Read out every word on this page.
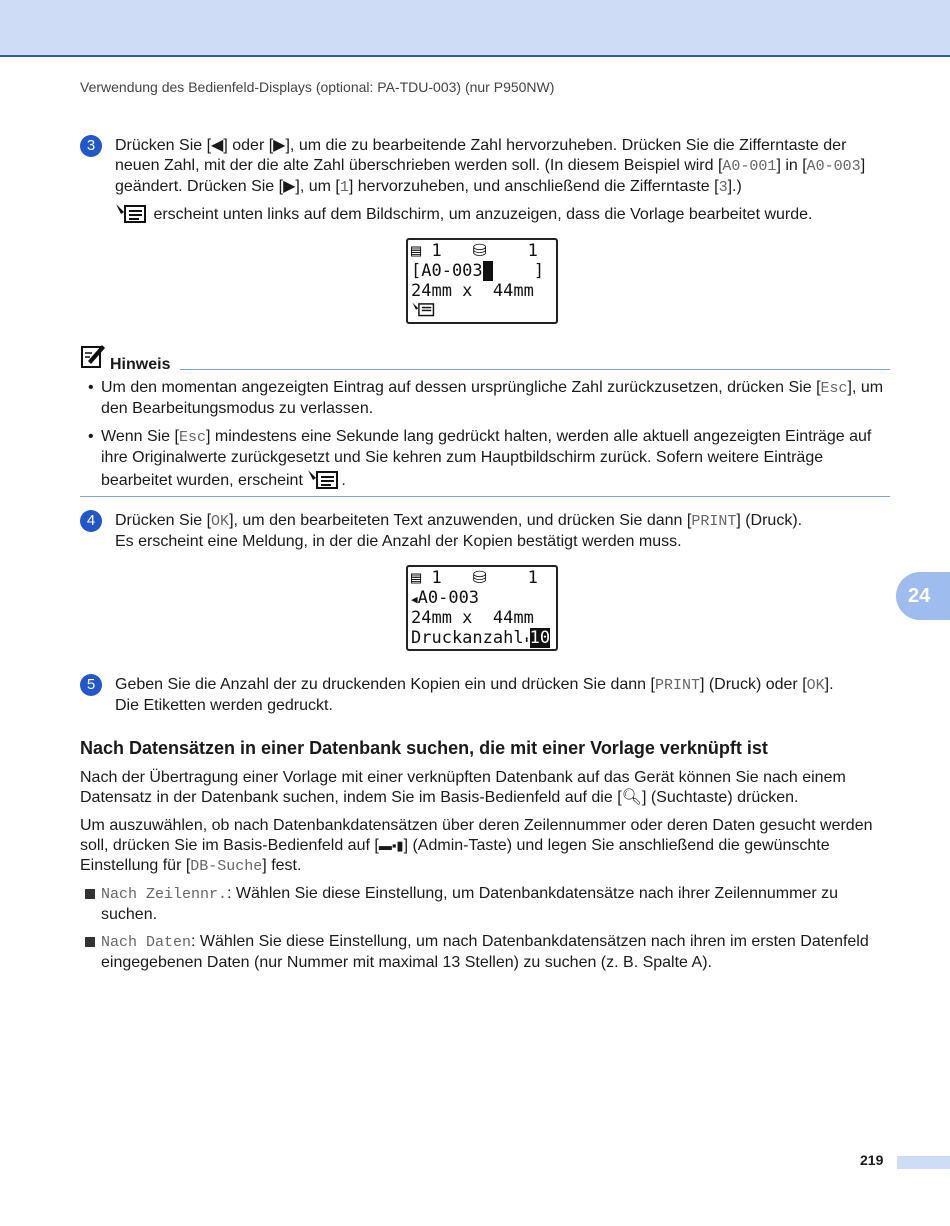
Verwendung des Bedienfeld-Displays (optional: PA-TDU-003) (nur P950NW)
3	Drücken Sie [◀] oder [▶], um die zu bearbeitende Zahl hervorzuheben. Drücken Sie die Zifferntaste der neuen Zahl, mit der die alte Zahl überschrieben werden soll. (In diesem Beispiel wird [A0-001] in [A0-003] geändert. Drücken Sie [▶], um [1] hervorzuheben, und anschließend die Zifferntaste [3].)

erscheint unten links auf dem Bildschirm, um anzuzeigen, dass die Vorlage bearbeitet wurde.

▤ 1 ⛁ 1
[A0-003	]
24mm x  44mm
Hinweis
• Um den momentan angezeigten Eintrag auf dessen ursprüngliche Zahl zurückzusetzen, drücken Sie [Esc], um den Bearbeitungsmodus zu verlassen.
• Wenn Sie [Esc] mindestens eine Sekunde lang gedrückt halten, werden alle aktuell angezeigten Einträge auf ihre Originalwerte zurückgesetzt und Sie kehren zum Hauptbildschirm zurück. Sofern weitere Einträge bearbeitet wurden, erscheint .
4	Drücken Sie [OK], um den bearbeiteten Text anzuwenden, und drücken Sie dann [PRINT] (Druck).

Es erscheint eine Meldung, in der die Anzahl der Kopien bestätigt werden muss.

▤ 1 ⛁ 1
◀A0-003
24mm x  44mm
Druckanzahl⬍10
5	Geben Sie die Anzahl der zu druckenden Kopien ein und drücken Sie dann [PRINT] (Druck) oder [OK].

Die Etiketten werden gedruckt.

Nach Datensätzen in einer Datenbank suchen, die mit einer Vorlage verknüpft ist
Nach der Übertragung einer Vorlage mit einer verknüpften Datenbank auf das Gerät können Sie nach einem Datensatz in der Datenbank suchen, indem Sie im Basis-Bedienfeld auf die [🔍︎] (Suchtaste) drücken.
Um auszuwählen, ob nach Datenbankdatensätzen über deren Zeilennummer oder deren Daten gesucht werden soll, drücken Sie im Basis-Bedienfeld auf [▬▪▮] (Admin-Taste) und legen Sie anschließend die gewünschte Einstellung für [DB-Suche] fest.
Nach Zeilennr.: Wählen Sie diese Einstellung, um Datenbankdatensätze nach ihrer Zeilennummer zu suchen.
Nach Daten: Wählen Sie diese Einstellung, um nach Datenbankdatensätzen nach ihren im ersten Datenfeld eingegebenen Daten (nur Nummer mit maximal 13 Stellen) zu suchen (z. B. Spalte A).
24
219
